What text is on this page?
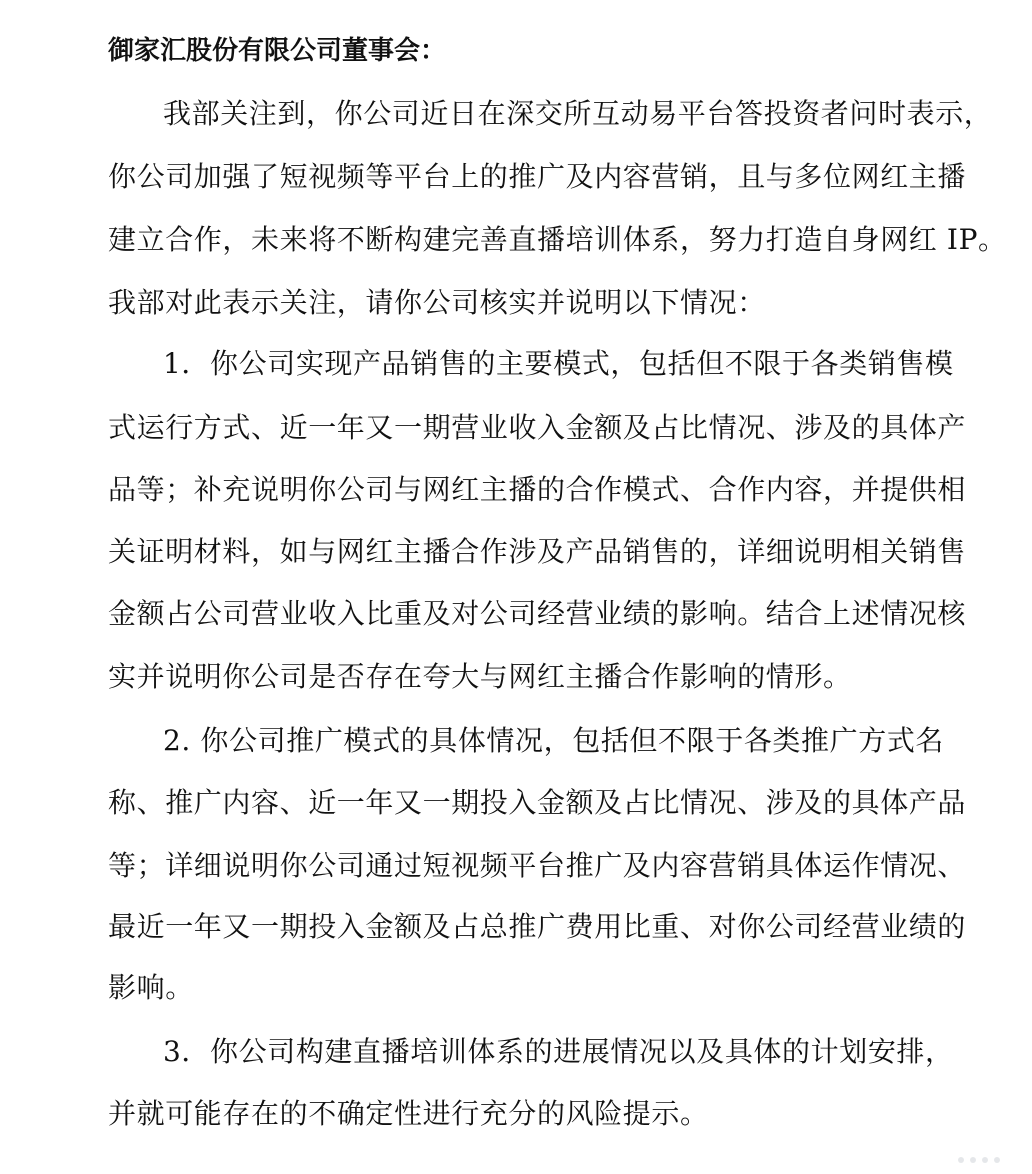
御家汇股份有限公司董事会：

我部关注到，你公司近日在深交所互动易平台答投资者问时表示，

你公司加强了短视频等平台上的推广及内容营销，且与多位网红主播

建立合作，未来将不断构建完善直播培训体系，努力打造自身网红 IP。

我部对此表示关注，请你公司核实并说明以下情况：

1．你公司实现产品销售的主要模式，包括但不限于各类销售模

式运行方式、近一年又一期营业收入金额及占比情况、涉及的具体产

品等；补充说明你公司与网红主播的合作模式、合作内容，并提供相

关证明材料，如与网红主播合作涉及产品销售的，详细说明相关销售

金额占公司营业收入比重及对公司经营业绩的影响。结合上述情况核

实并说明你公司是否存在夸大与网红主播合作影响的情形。

2. 你公司推广模式的具体情况，包括但不限于各类推广方式名

称、推广内容、近一年又一期投入金额及占比情况、涉及的具体产品

等；详细说明你公司通过短视频平台推广及内容营销具体运作情况、

最近一年又一期投入金额及占总推广费用比重、对你公司经营业绩的

影响。

3．你公司构建直播培训体系的进展情况以及具体的计划安排，

并就可能存在的不确定性进行充分的风险提示。
